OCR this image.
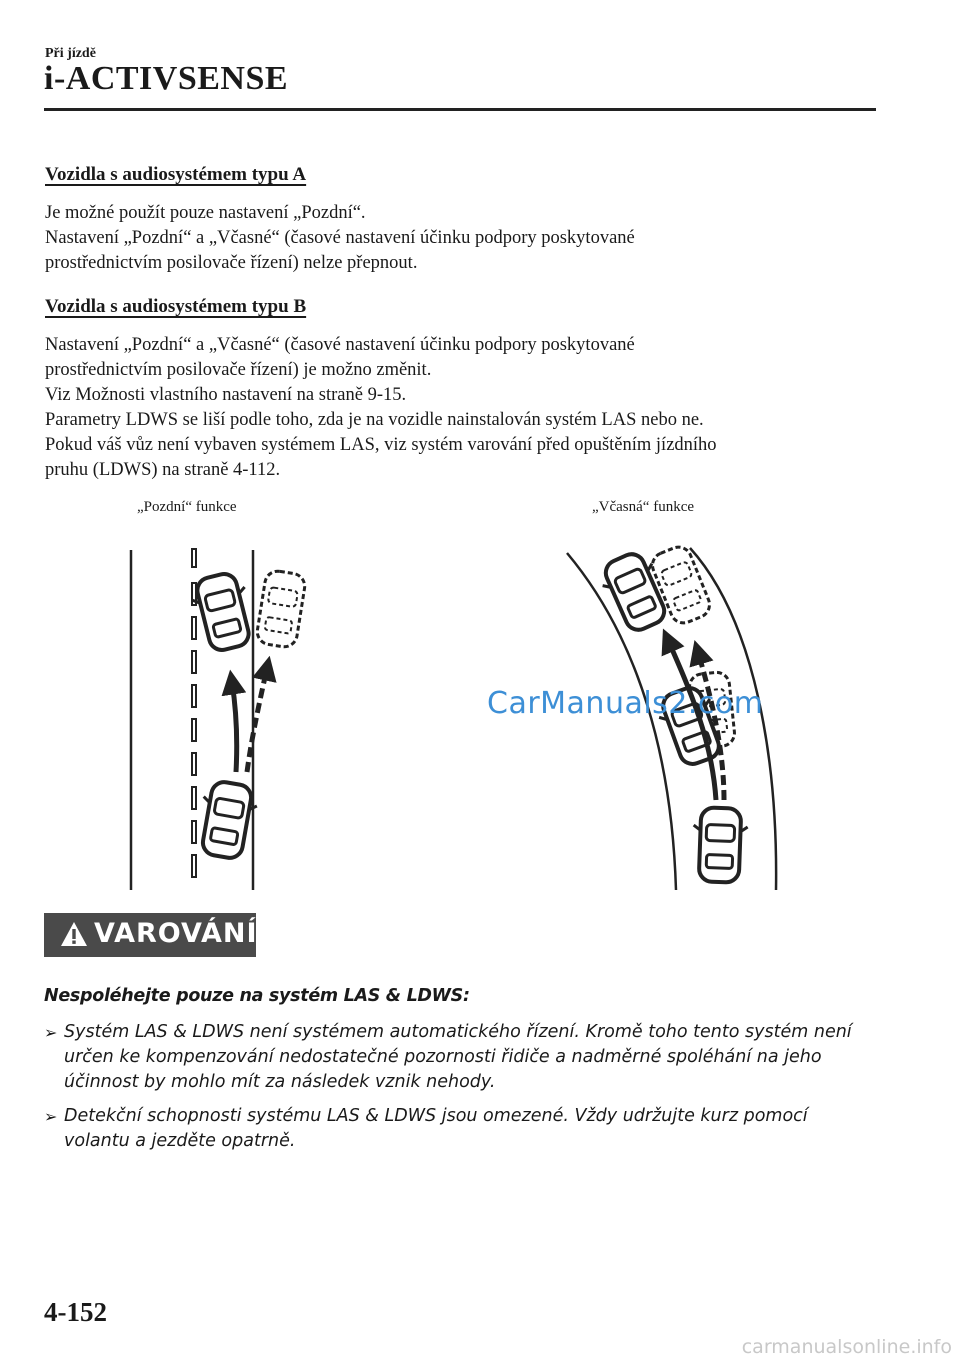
Při jízdě
i-ACTIVSENSE
Vozidla s audiosystémem typu A
Je možné použít pouze nastavení „Pozdní“.
Nastavení „Pozdní“ a „Včasné“ (časové nastavení účinku podpory poskytované
prostřednictvím posilovače řízení) nelze přepnout.
Vozidla s audiosystémem typu B
Nastavení „Pozdní“ a „Včasné“ (časové nastavení účinku podpory poskytované
prostřednictvím posilovače řízení) je možno změnit.
Viz Možnosti vlastního nastavení na straně 9-15.
Parametry LDWS se liší podle toho, zda je na vozidle nainstalován systém LAS nebo ne.
Pokud váš vůz není vybaven systémem LAS, viz systém varování před opuštěním jízdního
pruhu (LDWS) na straně 4-112.
„Pozdní“ funkce	„Včasná“ funkce
CarManuals2.com
VAROVÁNÍ
Nespoléhejte pouze na systém LAS & LDWS:
➢ Systém LAS & LDWS není systémem automatického řízení. Kromě toho tento systém není
určen ke kompenzování nedostatečné pozornosti řidiče a nadměrné spoléhání na jeho
účinnost by mohlo mít za následek vznik nehody.
➢ Detekční schopnosti systému LAS & LDWS jsou omezené. Vždy udržujte kurz pomocí
volantu a jezděte opatrně.
4-152
carmanualsonline.info
